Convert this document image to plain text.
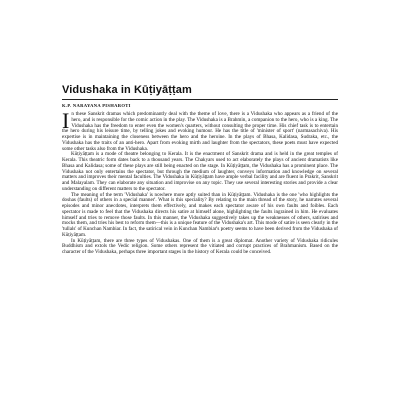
Vidushaka in Kūṭiyāṭṭam
K.P. NARAYANA PISHAROTI

In these Sanskrit dramas which predominantly deal with the theme of love, there is a Vidushaka who appears as a friend of the hero, and is responsible for the comic action in the play. The Vidushaka is a Brahmin, a companion to the hero, who is a king. The Vidushaka has the freedom to enter even the women's quarters, without consulting the proper time. His chief task is to entertain the hero during his leisure time, by telling jokes and evoking humour. He has the title of 'minister of sport' (narmasachiva). His expertise is in maintaining the closeness between the hero and the heroine. In the plays of Bhasa, Kalidasa, Sudraka, etc., the Vidushaka has the traits of an anti-hero. Apart from evoking mirth and laughter from the spectators, these poets must have expected some other tasks also from the Vidushaka.

Kūṭiyāṭṭam is a mode of theatre belonging to Kerala. It is the enactment of Sanskrit drama and is held in the great temples of Kerala. This theatric form dates back to a thousand years. The Chakyars used to act elaborately the plays of ancient dramatists like Bhasa and Kalidasa; some of these plays are still being enacted on the stage. In Kūṭiyāṭṭam, the Vidushaka has a prominent place. The Vidushaka not only entertains the spectator, but through the medium of laughter, conveys information and knowledge on several matters and improves their mental faculties. The Vidushaka in Kūṭiyāṭṭam have ample verbal facility and are fluent in Prakrit, Sanskrit and Malayalam. They can elaborate any situation and improvise on any topic. They use several interesting stories and provide a clear understanding on different matters to the spectator.

The meaning of the term 'Vidushaka' is nowhere more aptly suited than in Kūṭiyāṭṭam. Vidushaka is the one 'who highlights the doshas (faults) of others in a special manner'. What is this speciality? By relating to the main thread of the story, he narrates several episodes and minor anecdotes, interprets them effectively, and makes each spectator aware of his own faults and foibles. Each spectator is made to feel that the Vidushaka directs his satire at himself alone, highlighting the faults ingrained in him. He evaluates himself and tries to remove those faults. In this manner, the Vidushaka suggestively takes up the weaknesses of others, satirises and mocks them, and tries his best to reform them—this is a unique feature of the Vidushaka's art. This mode of satire is seen clearly in the 'tullals' of Kunchan Nambiar. In fact, the satirical vein in Kunchan Nambiar's poetry seems to have been derived from the Vidushaka of Kūṭiyāṭṭam.

In Kūṭiyāṭṭam, there are three types of Vidushakas. One of them is a great diplomat. Another variety of Vidushaka ridicules Buddhism and extols the Vedic religion. Some others represent the vitiated and corrupt practices of Brahmanism. Based on the character of the Vidushaka, perhaps three important stages in the history of Kerala could be conceived.
